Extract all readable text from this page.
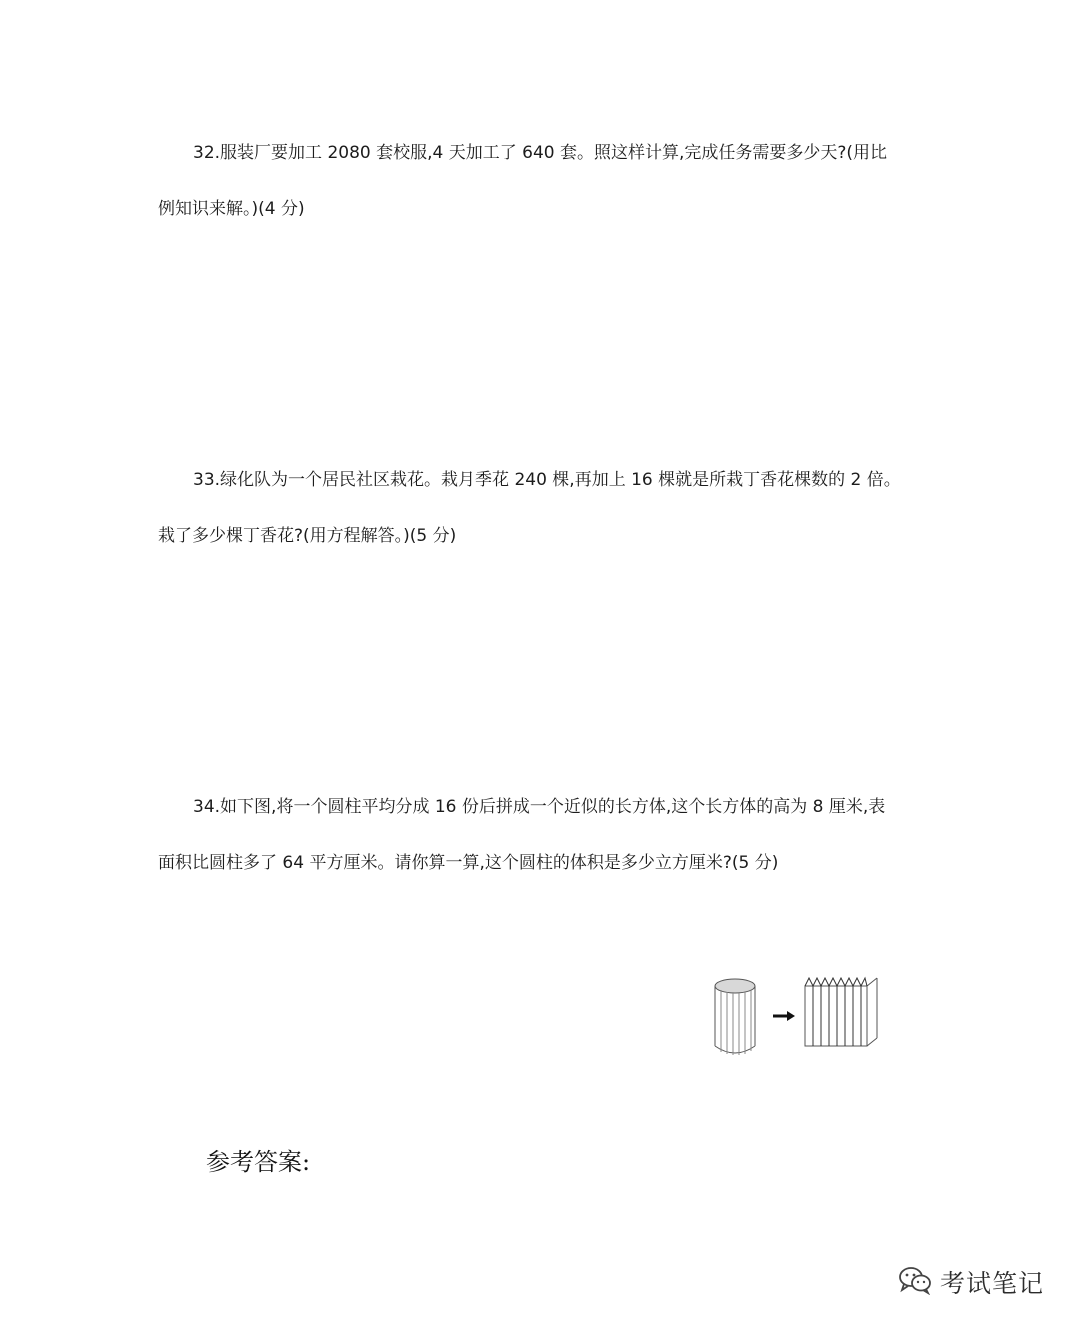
32.服装厂要加工 2080 套校服,4 天加工了 640 套。照这样计算,完成任务需要多少天?(用比

例知识来解。)(4 分)

33.绿化队为一个居民社区栽花。栽月季花 240 棵,再加上 16 棵就是所栽丁香花棵数的 2 倍。

栽了多少棵丁香花?(用方程解答。)(5 分)

34.如下图,将一个圆柱平均分成 16 份后拼成一个近似的长方体,这个长方体的高为 8 厘米,表

面积比圆柱多了 64 平方厘米。请你算一算,这个圆柱的体积是多少立方厘米?(5 分)

参考答案:

考试笔记
